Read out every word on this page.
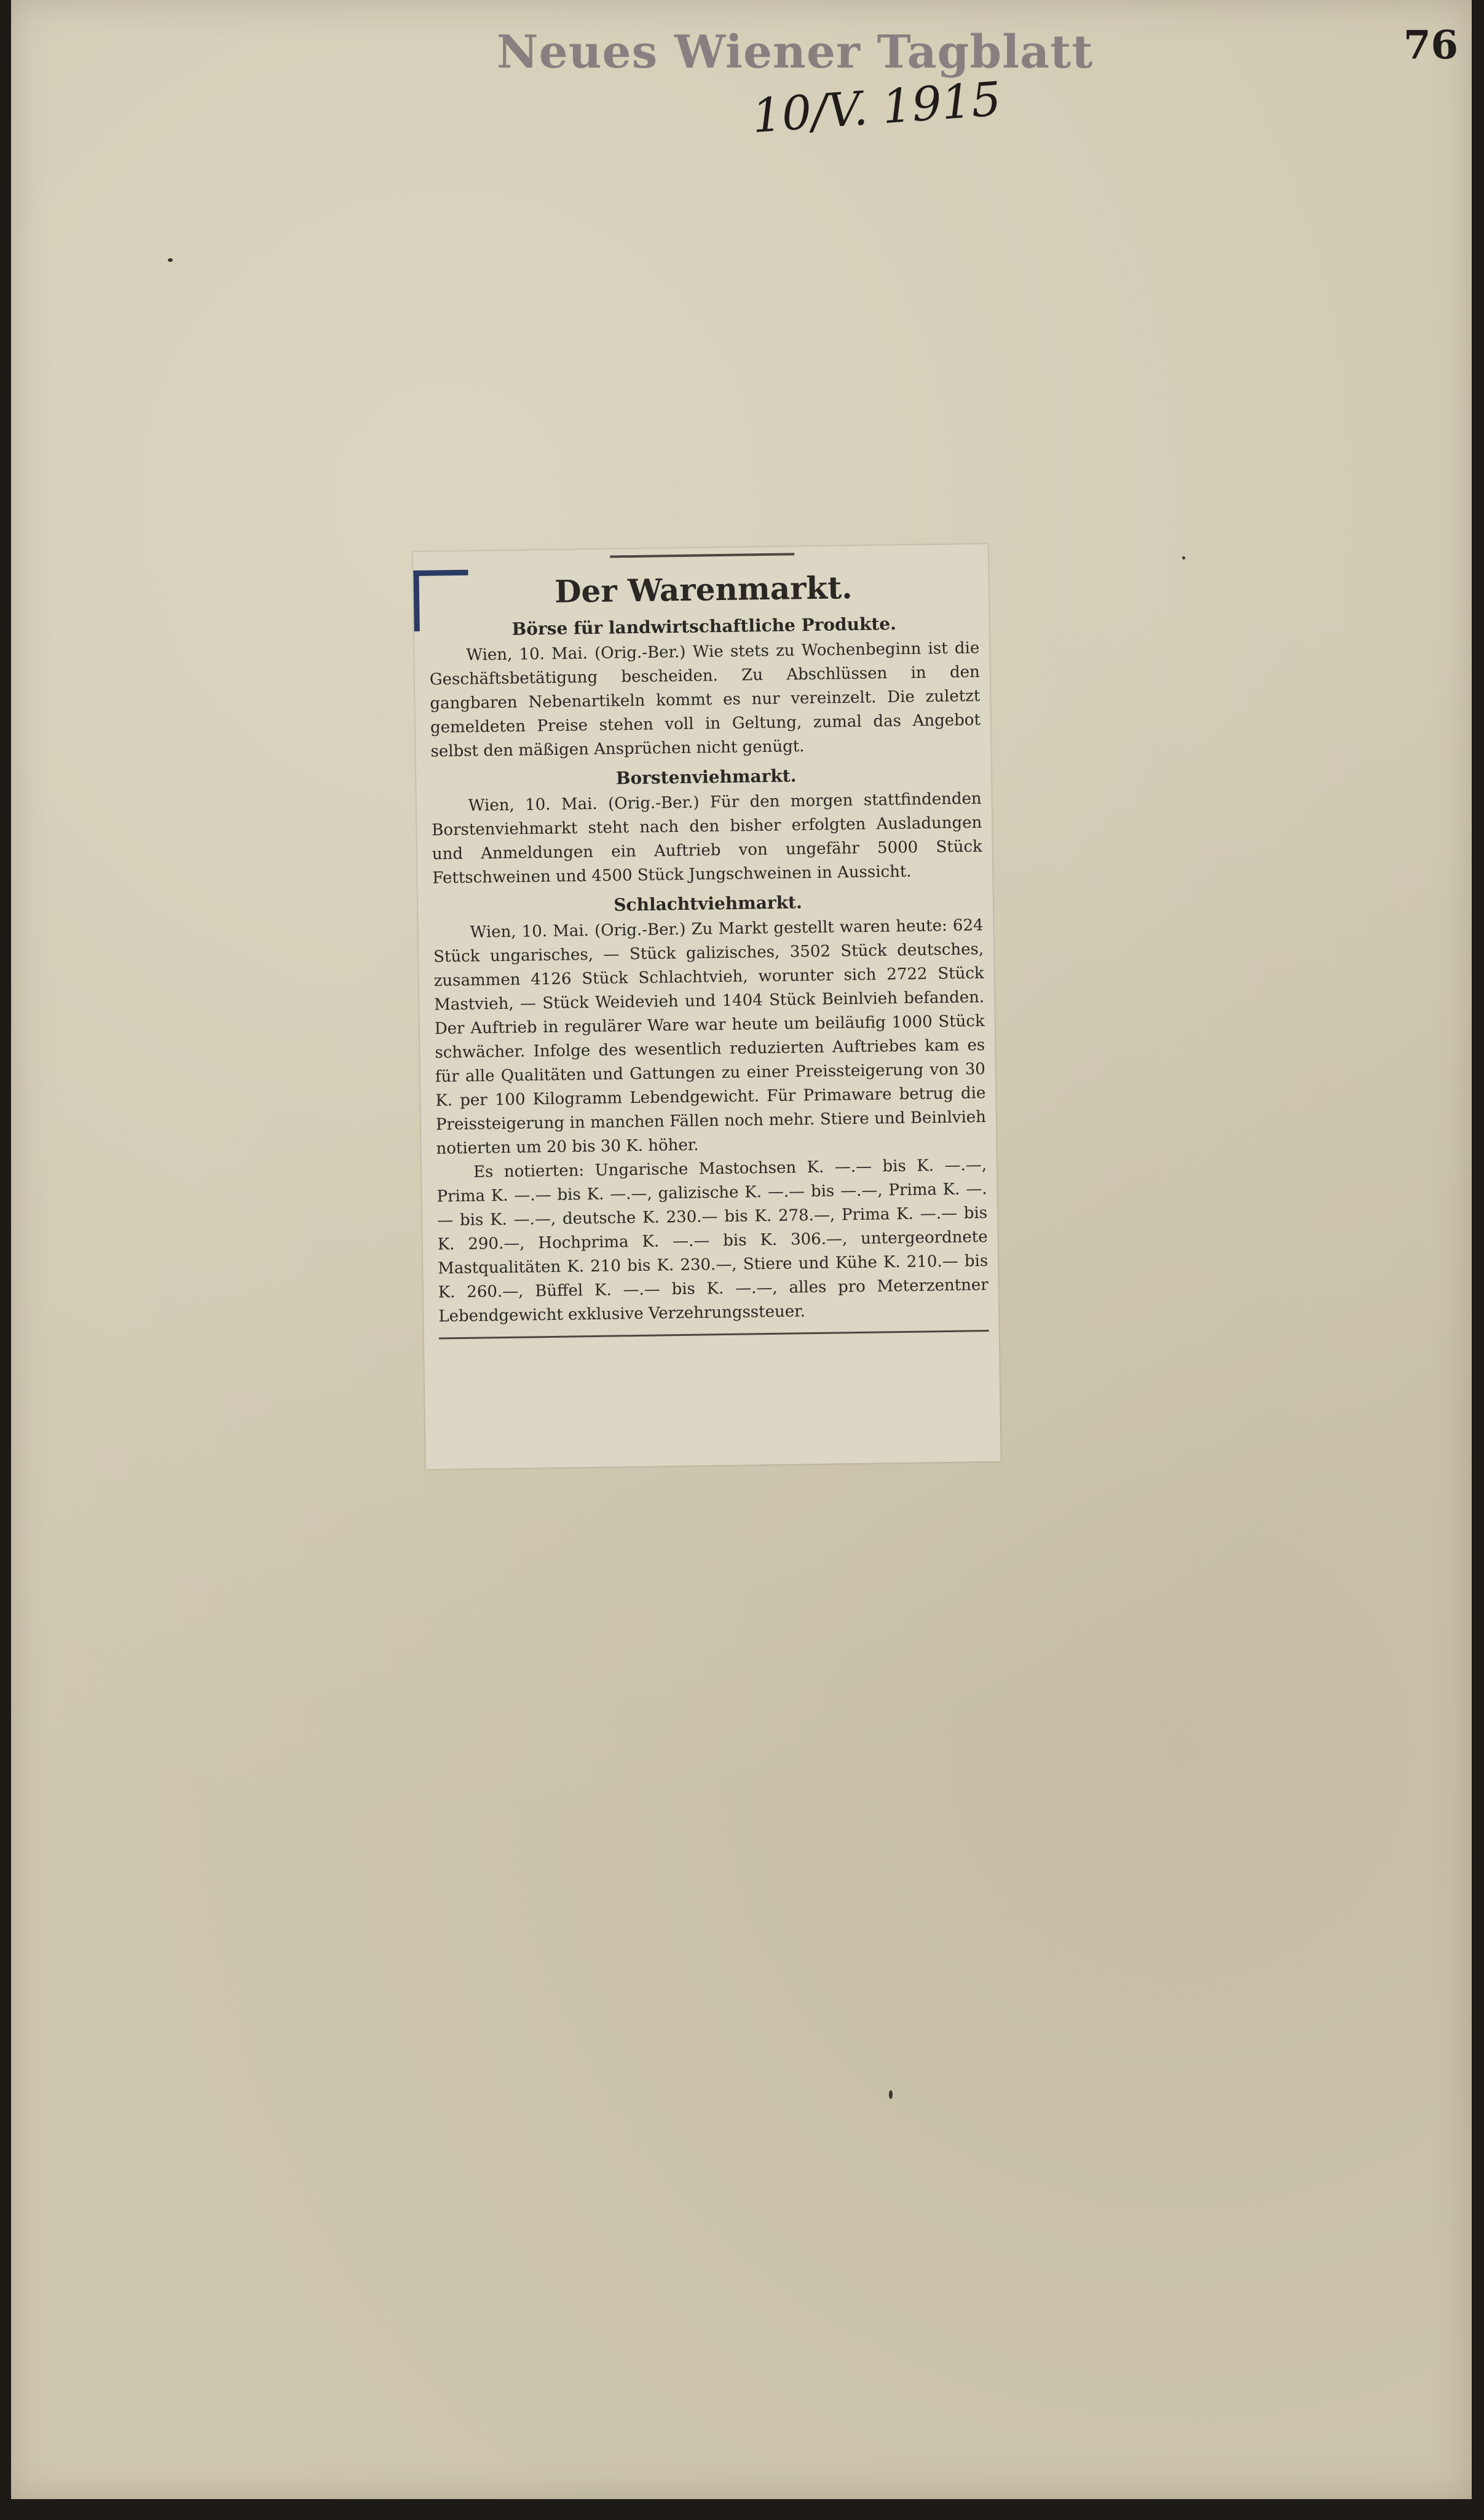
Neues Wiener Tagblatt
10/V. 1915
76
Der Warenmarkt.
Börse für landwirtschaftliche Produkte.

Wien, 10. Mai. (Orig.-Ber.) Wie stets zu Wochenbeginn ist die Geschäftsbetätigung bescheiden. Zu Abschlüssen in den gangbaren Nebenartikeln kommt es nur vereinzelt. Die zuletzt gemeldeten Preise stehen voll in Geltung, zumal das Angebot selbst den mäßigen Ansprüchen nicht genügt.

Borstenviehmarkt.

Wien, 10. Mai. (Orig.-Ber.) Für den morgen stattfindenden Borstenviehmarkt steht nach den bisher erfolgten Ausladungen und Anmeldungen ein Auftrieb von ungefähr 5000 Stück Fettschweinen und 4500 Stück Jungschweinen in Aussicht.

Schlachtviehmarkt.

Wien, 10. Mai. (Orig.-Ber.) Zu Markt gestellt waren heute: 624 Stück ungarisches, — Stück galizisches, 3502 Stück deutsches, zusammen 4126 Stück Schlachtvieh, worunter sich 2722 Stück Mastvieh, — Stück Weidevieh und 1404 Stück Beinlvieh befanden. Der Auftrieb in regulärer Ware war heute um beiläufig 1000 Stück schwächer. Infolge des wesentlich reduzierten Auftriebes kam es für alle Qualitäten und Gattungen zu einer Preissteigerung von 30 K. per 100 Kilogramm Lebendgewicht. Für Primaware betrug die Preissteigerung in manchen Fällen noch mehr. Stiere und Beinlvieh notierten um 20 bis 30 K. höher.

Es notierten: Ungarische Mastochsen K. —.— bis K. —.—, Prima K. —.— bis K. —.—, galizische K. —.— bis —.—, Prima K. —.— bis K. —.—, deutsche K. 230.— bis K. 278.—, Prima K. —.— bis K. 290.—, Hochprima K. —.— bis K. 306.—, untergeordnete Mastqualitäten K. 210 bis K. 230.—, Stiere und Kühe K. 210.— bis K. 260.—, Büffel K. —.— bis K. —.—, alles pro Meterzentner Lebendgewicht exklusive Verzehrungssteuer.
